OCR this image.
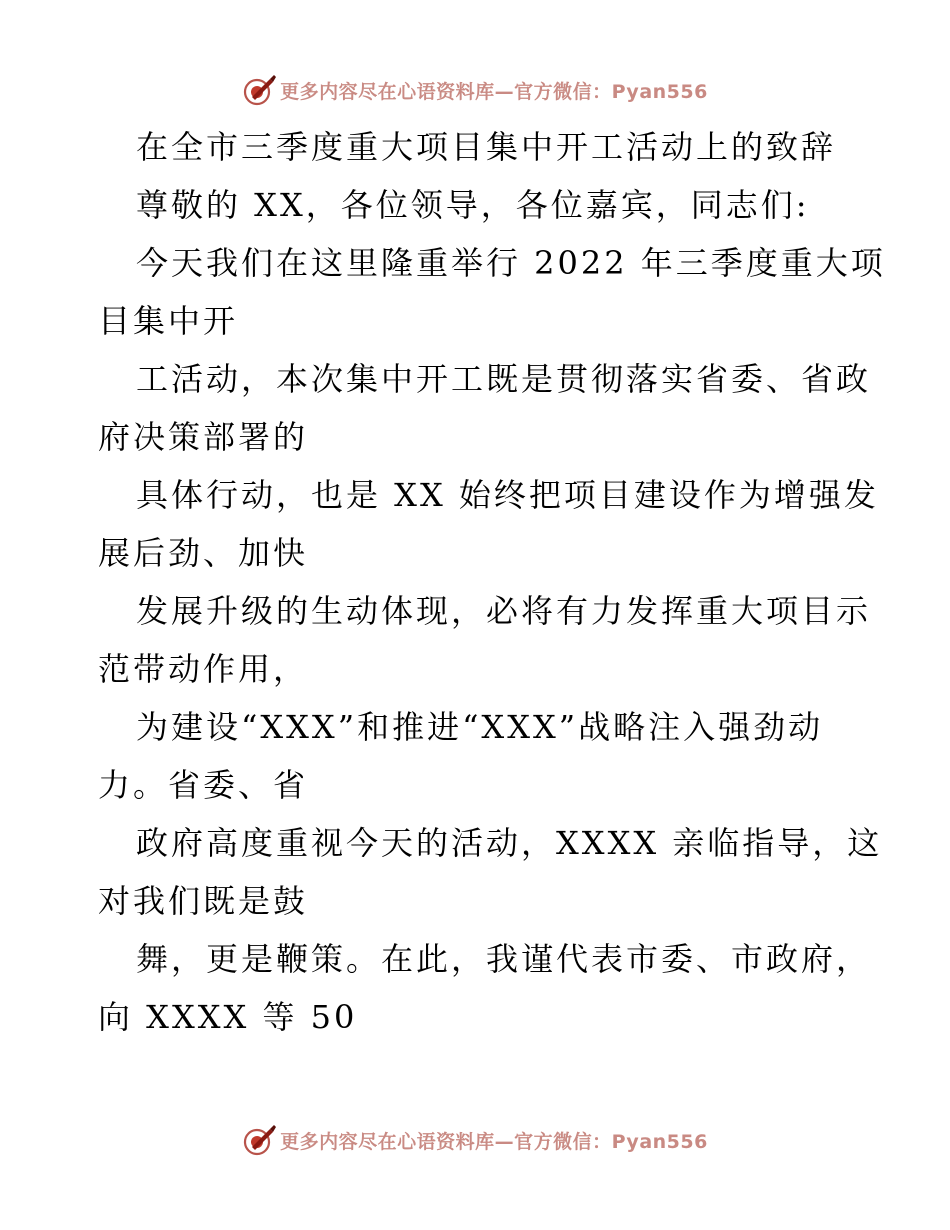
更多内容尽在心语资料库—官方微信：Pyan556
在全市三季度重大项目集中开工活动上的致辞
尊敬的 XX，各位领导，各位嘉宾，同志们:
今天我们在这里隆重举行 2022 年三季度重大项
目集中开
工活动，本次集中开工既是贯彻落实省委、省政
府决策部署的
具体行动，也是 XX 始终把项目建设作为增强发
展后劲、加快
发展升级的生动体现，必将有力发挥重大项目示
范带动作用，
为建设“XXX”和推进“XXX”战略注入强劲动
力。省委、省
政府高度重视今天的活动，XXXX 亲临指导，这
对我们既是鼓
舞，更是鞭策。在此，我谨代表市委、市政府，
向 XXXX 等 50
更多内容尽在心语资料库—官方微信：Pyan556
